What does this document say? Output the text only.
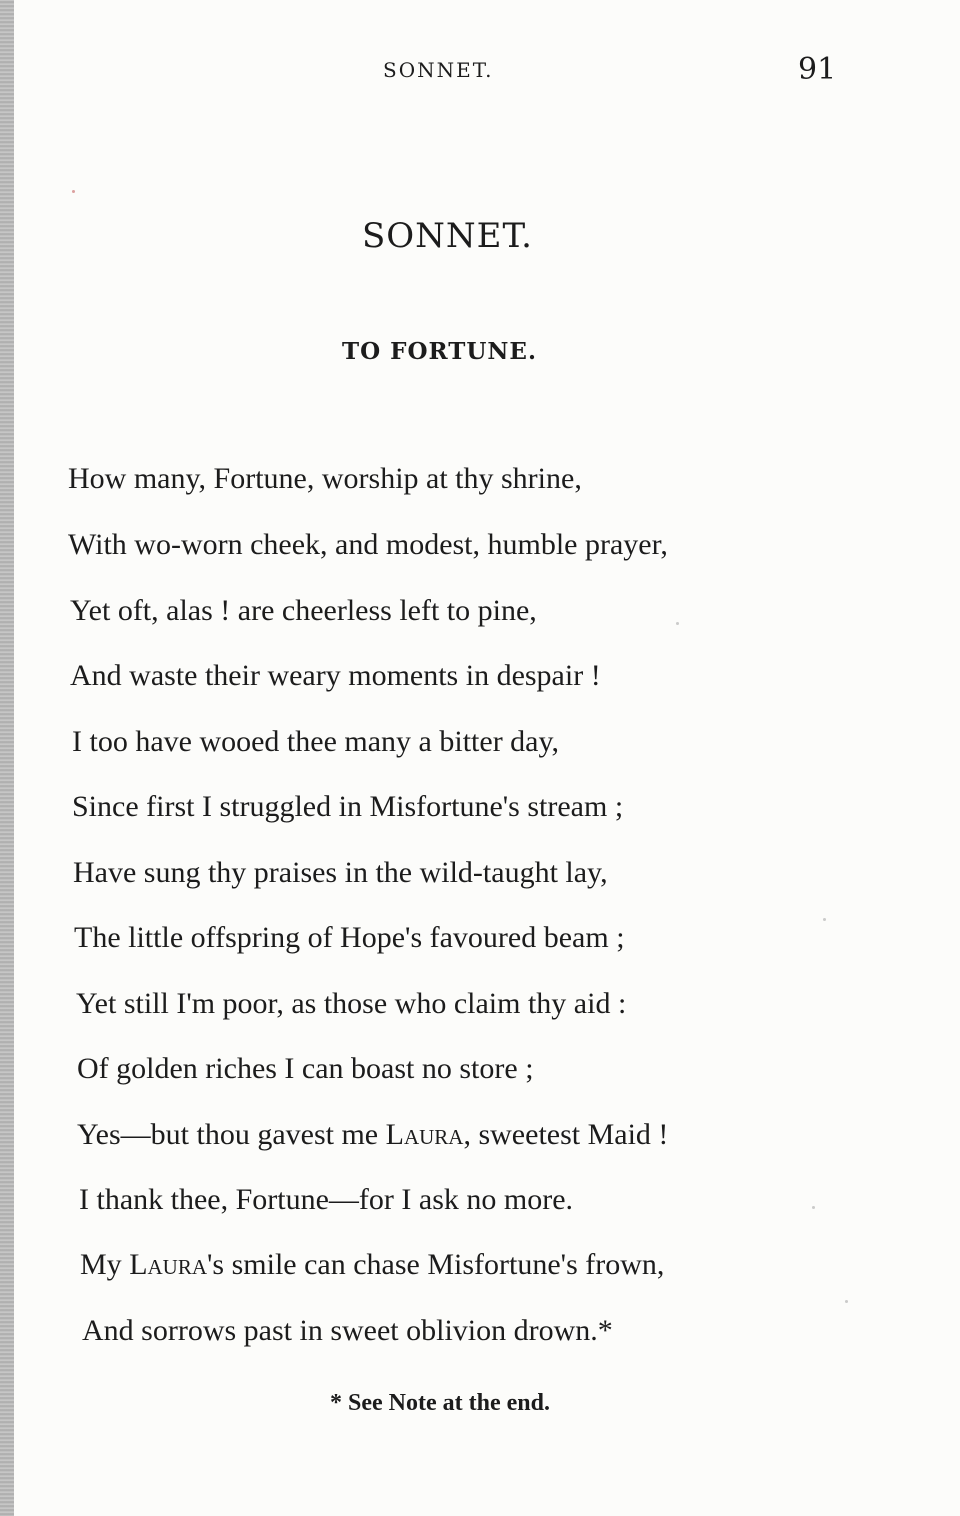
SONNET.	91
SONNET.
TO FORTUNE.
How many, Fortune, worship at thy shrine,
With wo-worn cheek, and modest, humble prayer,
Yet oft, alas ! are cheerless left to pine,
And waste their weary moments in despair !
I too have wooed thee many a bitter day,
Since first I struggled in Misfortune's stream ;
Have sung thy praises in the wild-taught lay,
The little offspring of Hope's favoured beam ;
Yet still I'm poor, as those who claim thy aid :
Of golden riches I can boast no store ;
Yes—but thou gavest me Laura, sweetest Maid !
I thank thee, Fortune—for I ask no more.
My Laura's smile can chase Misfortune's frown,
And sorrows past in sweet oblivion drown.*
* See Note at the end.
